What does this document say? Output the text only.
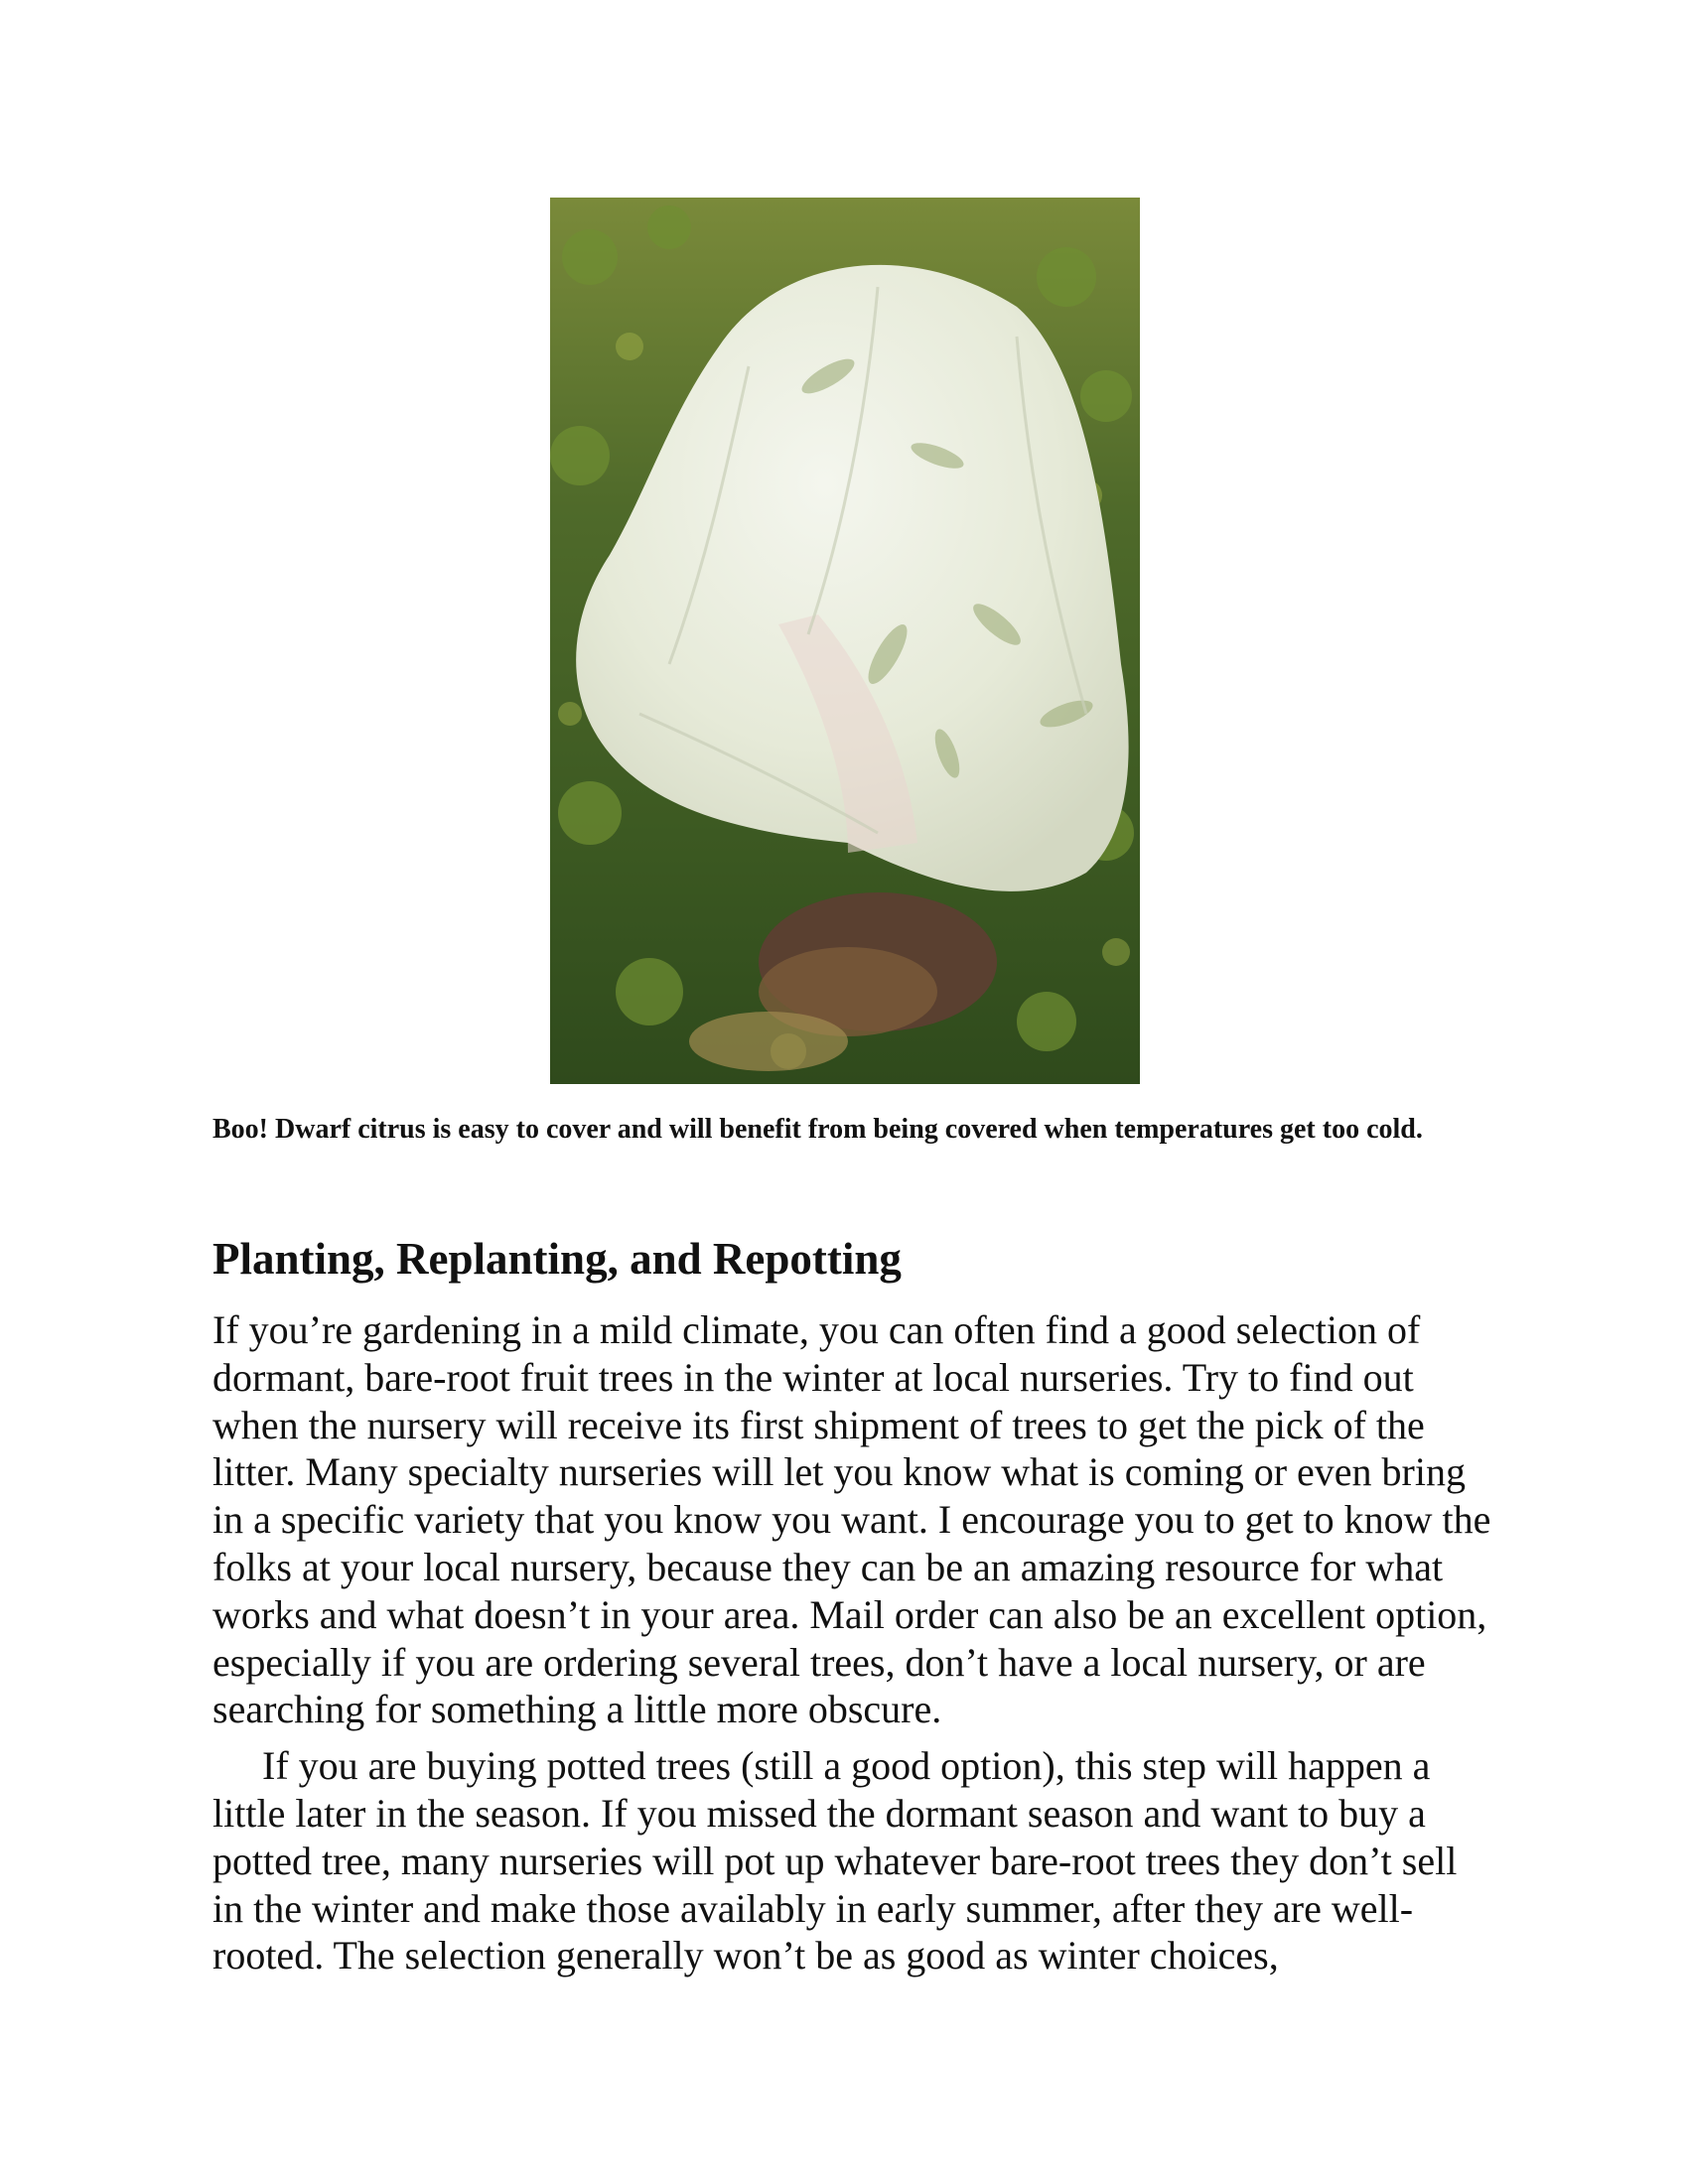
Boo! Dwarf citrus is easy to cover and will benefit from being covered when temperatures get too cold.

Planting, Replanting, and Repotting

If you’re gardening in a mild climate, you can often find a good selection of dormant, bare-root fruit trees in the winter at local nurseries. Try to find out when the nursery will receive its first shipment of trees to get the pick of the litter. Many specialty nurseries will let you know what is coming or even bring in a specific variety that you know you want. I encourage you to get to know the folks at your local nursery, because they can be an amazing resource for what works and what doesn’t in your area. Mail order can also be an excellent option, especially if you are ordering several trees, don’t have a local nursery, or are searching for something a little more obscure.

If you are buying potted trees (still a good option), this step will happen a little later in the season. If you missed the dormant season and want to buy a potted tree, many nurseries will pot up whatever bare-root trees they don’t sell in the winter and make those availably in early summer, after they are well-rooted. The selection generally won’t be as good as winter choices,
